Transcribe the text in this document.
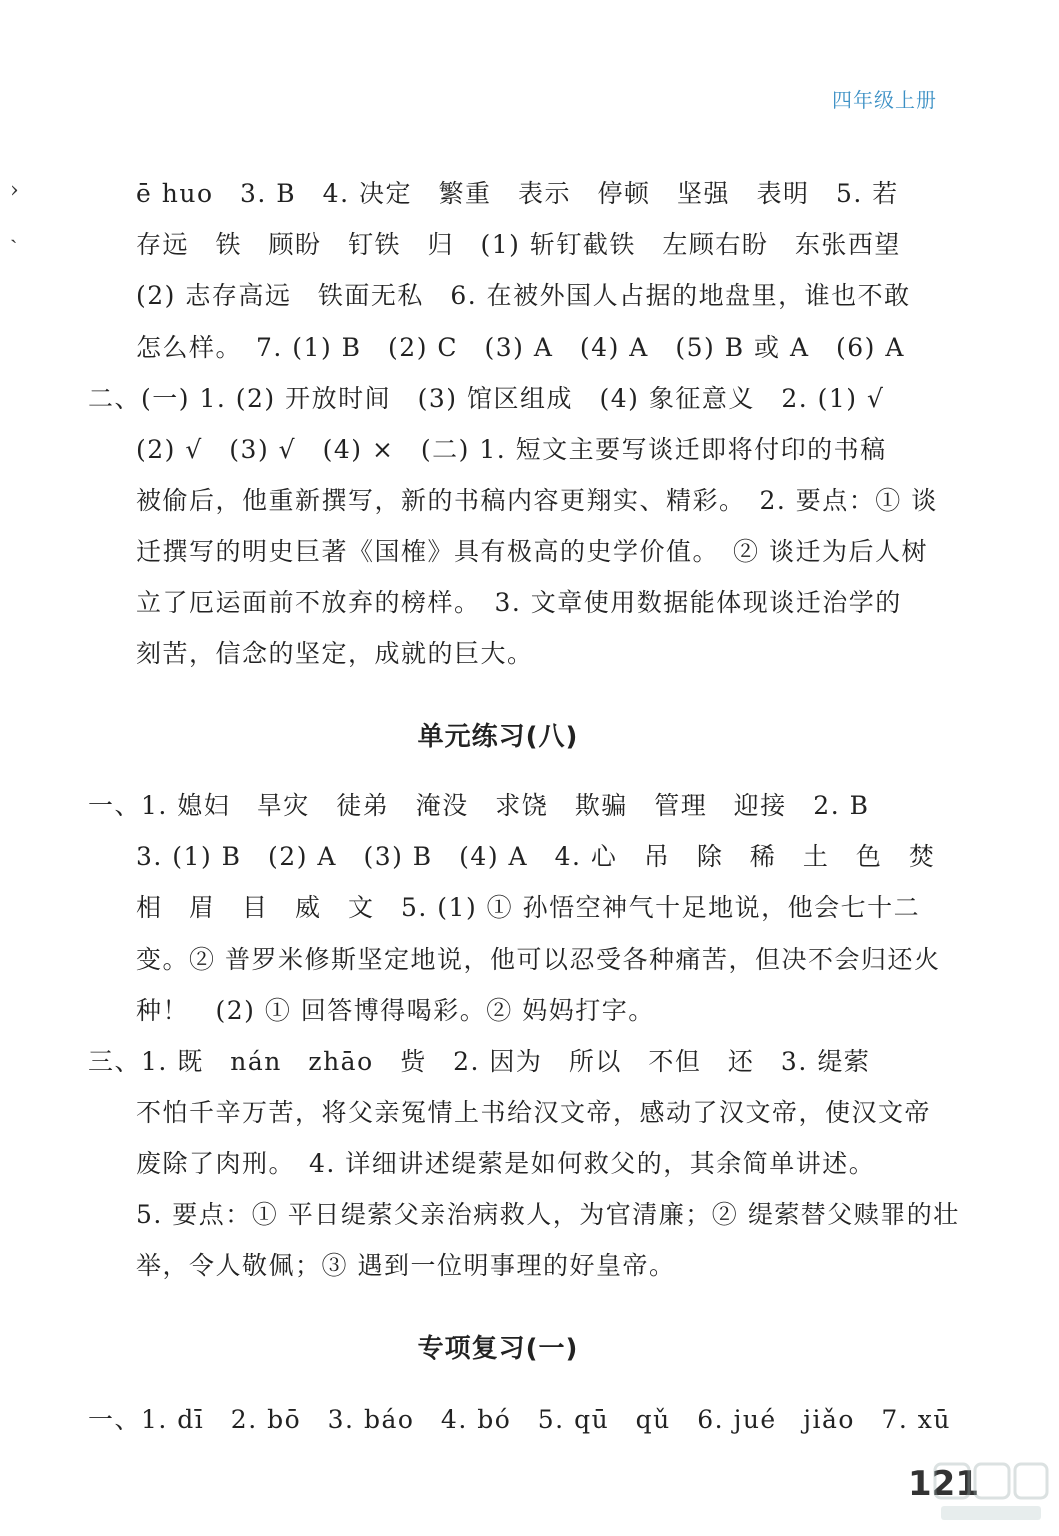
四年级上册
›
ˎ
ē huo　3. B　4. 决定　繁重　表示　停顿　坚强　表明　5. 若
存远　铁　顾盼　钉铁　归　(1) 斩钉截铁　左顾右盼　东张西望
(2) 志存高远　铁面无私　6. 在被外国人占据的地盘里，谁也不敢
怎么样。　7. (1) B　(2) C　(3) A　(4) A　(5) B 或 A　(6) A
二、(一) 1. (2) 开放时间　(3) 馆区组成　(4) 象征意义　2. (1) √
(2) √　(3) √　(4) ×　(二) 1. 短文主要写谈迁即将付印的书稿
被偷后，他重新撰写，新的书稿内容更翔实、精彩。　2. 要点：① 谈
迁撰写的明史巨著《国榷》具有极高的史学价值。　② 谈迁为后人树
立了厄运面前不放弃的榜样。　3. 文章使用数据能体现谈迁治学的
刻苦，信念的坚定，成就的巨大。
单元练习(八)
一、1. 媳妇　旱灾　徒弟　淹没　求饶　欺骗　管理　迎接　2. B
3. (1) B　(2) A　(3) B　(4) A　4. 心　吊　除　稀　土　色　焚
相　眉　目　威　文　5. (1) ① 孙悟空神气十足地说，他会七十二
变。② 普罗米修斯坚定地说，他可以忍受各种痛苦，但决不会归还火
种！　(2) ① 回答博得喝彩。② 妈妈打字。
三、1. 既　nán　zhāo　赀　2. 因为　所以　不但　还　3. 缇萦
不怕千辛万苦，将父亲冤情上书给汉文帝，感动了汉文帝，使汉文帝
废除了肉刑。　4. 详细讲述缇萦是如何救父的，其余简单讲述。
5. 要点：① 平日缇萦父亲治病救人，为官清廉；② 缇萦替父赎罪的壮
举，令人敬佩；③ 遇到一位明事理的好皇帝。
专项复习(一)
一、1. dī　2. bō　3. báo　4. bó　5. qū　qǔ　6. jué　jiǎo　7. xū
121
